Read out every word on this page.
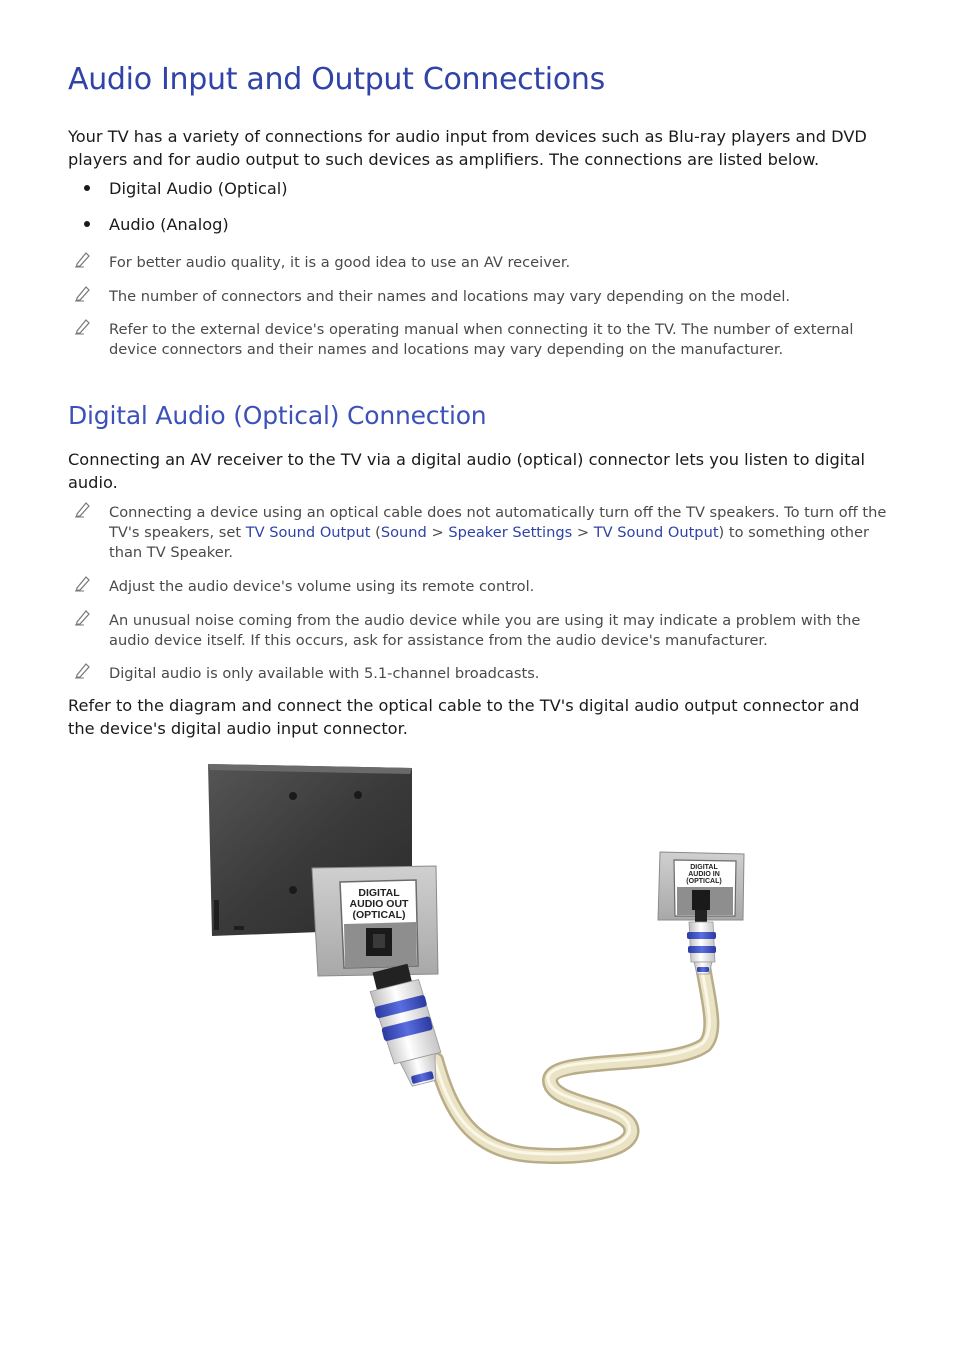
Audio Input and Output Connections

Your TV has a variety of connections for audio input from devices such as Blu-ray players and DVD players and for audio output to such devices as amplifiers. The connections are listed below.

Digital Audio (Optical)
Audio (Analog)
For better audio quality, it is a good idea to use an AV receiver.
The number of connectors and their names and locations may vary depending on the model.
Refer to the external device's operating manual when connecting it to the TV. The number of external device connectors and their names and locations may vary depending on the manufacturer.
Digital Audio (Optical) Connection

Connecting an AV receiver to the TV via a digital audio (optical) connector lets you listen to digital audio.

Connecting a device using an optical cable does not automatically turn off the TV speakers. To turn off the TV's speakers, set TV Sound Output (Sound > Speaker Settings > TV Sound Output) to something other than TV Speaker.
Adjust the audio device's volume using its remote control.
An unusual noise coming from the audio device while you are using it may indicate a problem with the audio device itself. If this occurs, ask for assistance from the audio device's manufacturer.
Digital audio is only available with 5.1-channel broadcasts.

Refer to the diagram and connect the optical cable to the TV's digital audio output connector and the device's digital audio input connector.

DIGITAL
AUDIO OUT
(OPTICAL)
DIGITAL
AUDIO IN
(OPTICAL)
